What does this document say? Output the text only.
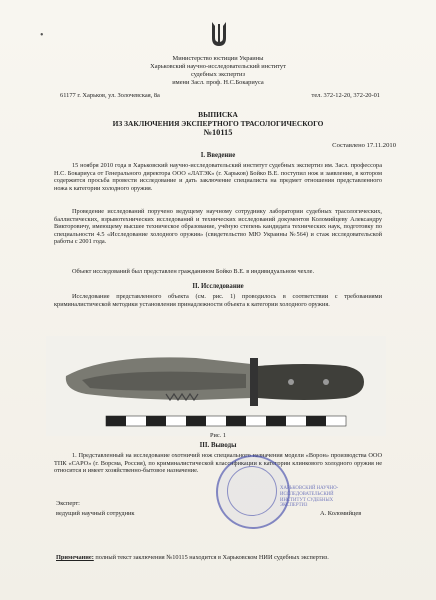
•
Министерство юстиции Украины
Харьковский научно-исследовательский институт
судебных экспертиз
имени Засл. проф. Н.С.Бокариуса
61177 г. Харьков, ул. Золочевская, 8а	тел. 372-12-20, 372-20-01
ВЫПИСКА
ИЗ ЗАКЛЮЧЕНИЯ ЭКСПЕРТНОГО ТРАСОЛОГИЧЕСКОГО
№10115
Составлено 17.11.2010
I. Введение
15 ноября 2010 года в Харьковский научно-исследовательский институт судебных экспертиз им. Засл. профессора Н.С. Бокариуса от Генерального директора ООО «ЛАТЭК» (г. Харьков) Бойко В.Е. поступил нож и заявление, в котором содержится просьба провести исследование и дать заключение специалиста на предмет отношения представленного ножа к категории холодного оружия.
Проведение исследований поручено ведущему научному сотруднику лаборатории судебных трасологических, баллистических, взрывотехнических исследований и технических исследований документов Коломийцеву Александру Викторовичу, имеющему высшее техническое образование, учёную степень кандидата технических наук, подготовку по специальности 4.5 «Исследование холодного оружия» (свидетельство МЮ Украины №564) и стаж исследовательской работы с 2001 года.
Объект исследований был представлен гражданином Бойко В.Е. в индивидуальном чехле.
II. Исследование
Исследование представленного объекта (см. рис. 1) проводилось в соответствии с требованиями криминалистической методики установления принадлежности объекта к категории холодного оружия.
Рис. 1
III. Выводы
1. Представленный на исследование охотничий нож специального назначения модели «Ворон» производства ООО ТПК «САРО» (г. Ворсма, Россия), по криминалистической классификации к категории клинкового холодного оружия не относится и имеет хозяйственно-бытовое назначение.
Эксперт:
ведущий научный сотрудник	А. Коломийцев
ХАРЬКОВСКИЙ НАУЧНО-ИССЛЕДОВАТЕЛЬСКИЙ ИНСТИТУТ СУДЕБНЫХ ЭКСПЕРТИЗ
Примечание: полный текст заключения №10115 находится в Харьковском НИИ судебных экспертиз.
